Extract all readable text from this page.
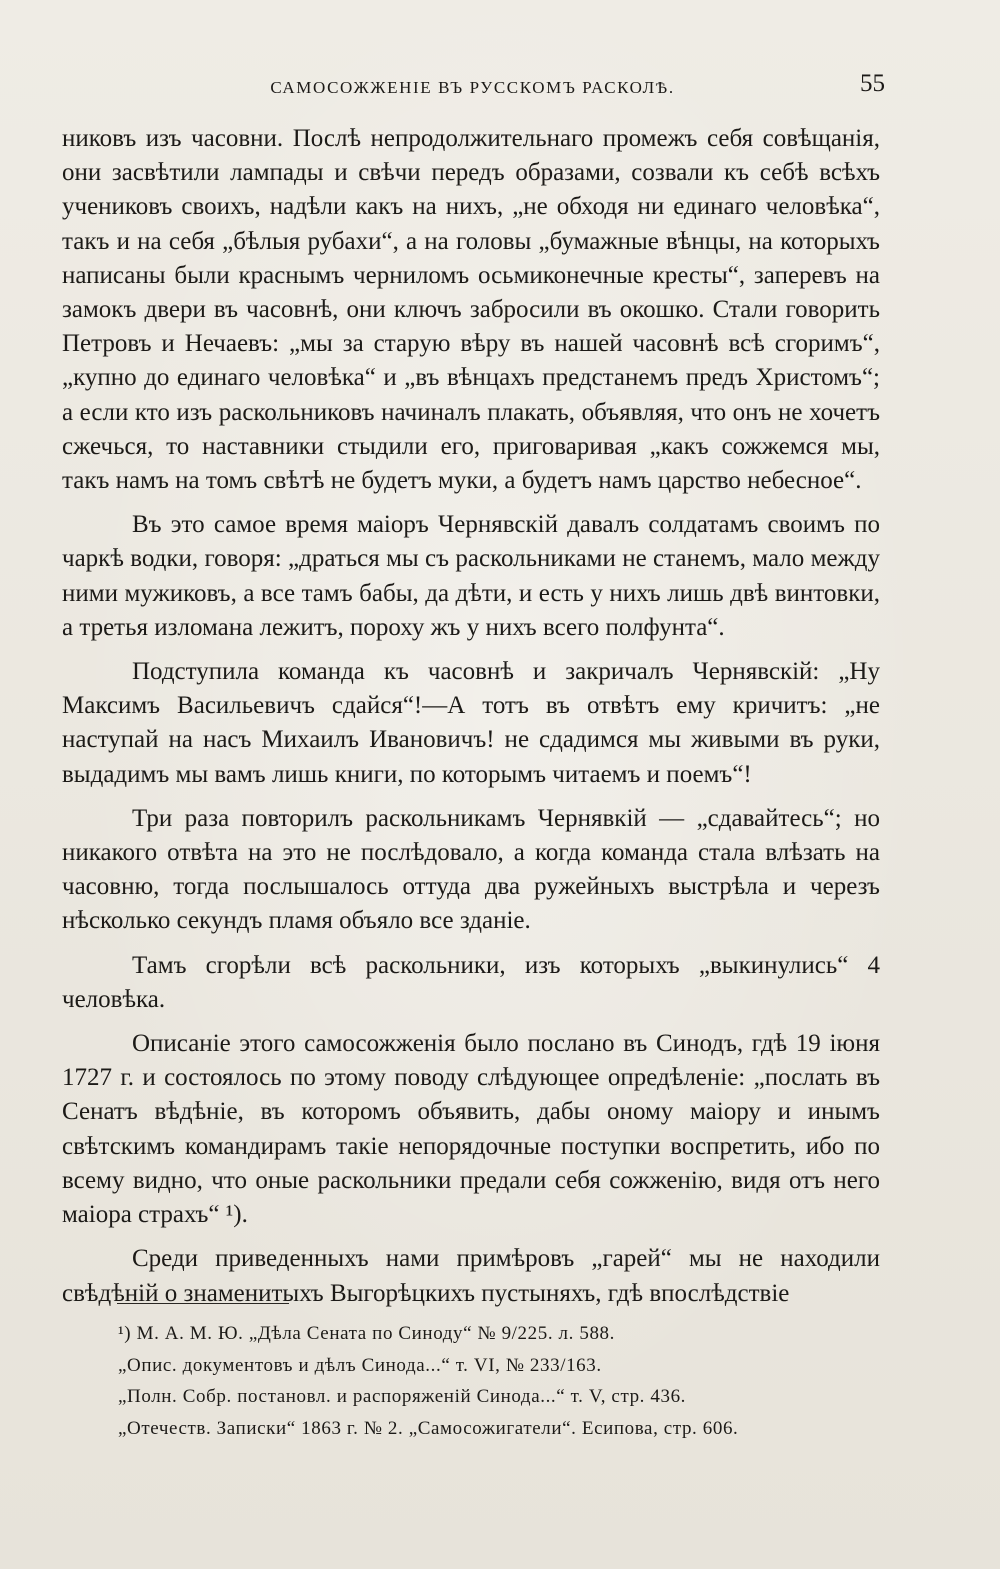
САМОСОЖЖЕНІЕ ВЪ РУССКОМЪ РАСКОЛѢ.	55

никовъ изъ часовни. Послѣ непродолжительнаго промежъ себя совѣщанія, они засвѣтили лампады и свѣчи передъ образами, созвали къ себѣ всѣхъ учениковъ своихъ, надѣли какъ на нихъ, „не обходя ни единаго человѣка“, такъ и на себя „бѣлыя рубахи“, а на головы „бумажные вѣнцы, на которыхъ написаны были краснымъ черниломъ осьмиконечные кресты“, заперевъ на замокъ двери въ часовнѣ, они ключъ забросили въ окошко. Стали говорить Петровъ и Нечаевъ: „мы за старую вѣру въ нашей часовнѣ всѣ сгоримъ“, „купно до единаго человѣка“ и „въ вѣнцахъ предстанемъ предъ Христомъ“; а если кто изъ раскольниковъ начиналъ плакать, объявляя, что онъ не хочетъ сжечься, то наставники стыдили его, приговаривая „какъ сожжемся мы, такъ намъ на томъ свѣтѣ не будетъ муки, а будетъ намъ царство небесное“.

Въ это самое время маіоръ Чернявскій давалъ солдатамъ своимъ по чаркѣ водки, говоря: „драться мы съ раскольниками не станемъ, мало между ними мужиковъ, а все тамъ бабы, да дѣти, и есть у нихъ лишь двѣ винтовки, а третья изломана лежитъ, пороху жъ у нихъ всего полфунта“.

Подступила команда къ часовнѣ и закричалъ Чернявскій: „Ну Максимъ Васильевичъ сдайся“!—А тотъ въ отвѣтъ ему кричитъ: „не наступай на насъ Михаилъ Ивановичъ! не сдадимся мы живыми въ руки, выдадимъ мы вамъ лишь книги, по которымъ читаемъ и поемъ“!

Три раза повторилъ раскольникамъ Чернявкій — „сдавайтесь“; но никакого отвѣта на это не послѣдовало, а когда команда стала влѣзать на часовню, тогда послышалось оттуда два ружейныхъ выстрѣла и черезъ нѣсколько секундъ пламя объяло все зданіе.

Тамъ сгорѣли всѣ раскольники, изъ которыхъ „выкинулись“ 4 человѣка.

Описаніе этого самосожженія было послано въ Синодъ, гдѣ 19 іюня 1727 г. и состоялось по этому поводу слѣдующее опредѣленіе: „послать въ Сенатъ вѣдѣніе, въ которомъ объявить, дабы оному маіору и инымъ свѣтскимъ командирамъ такіе непорядочные поступки воспретить, ибо по всему видно, что оные раскольники предали себя сожженію, видя отъ него маіора страхъ“ ¹).

Среди приведенныхъ нами примѣровъ „гарей“ мы не находили свѣдѣній о знаменитыхъ Выгорѣцкихъ пустыняхъ, гдѣ впослѣдствіе

¹) М. А. М. Ю. „Дѣла Сената по Синоду“ № 9/225. л. 588.
„Опис. документовъ и дѣлъ Синода...“ т. VI, № 233/163.
„Полн. Собр. постановл. и распоряженій Синода...“ т. V, стр. 436.
„Отечеств. Записки“ 1863 г. № 2. „Самосожигатели“. Есипова, стр. 606.
